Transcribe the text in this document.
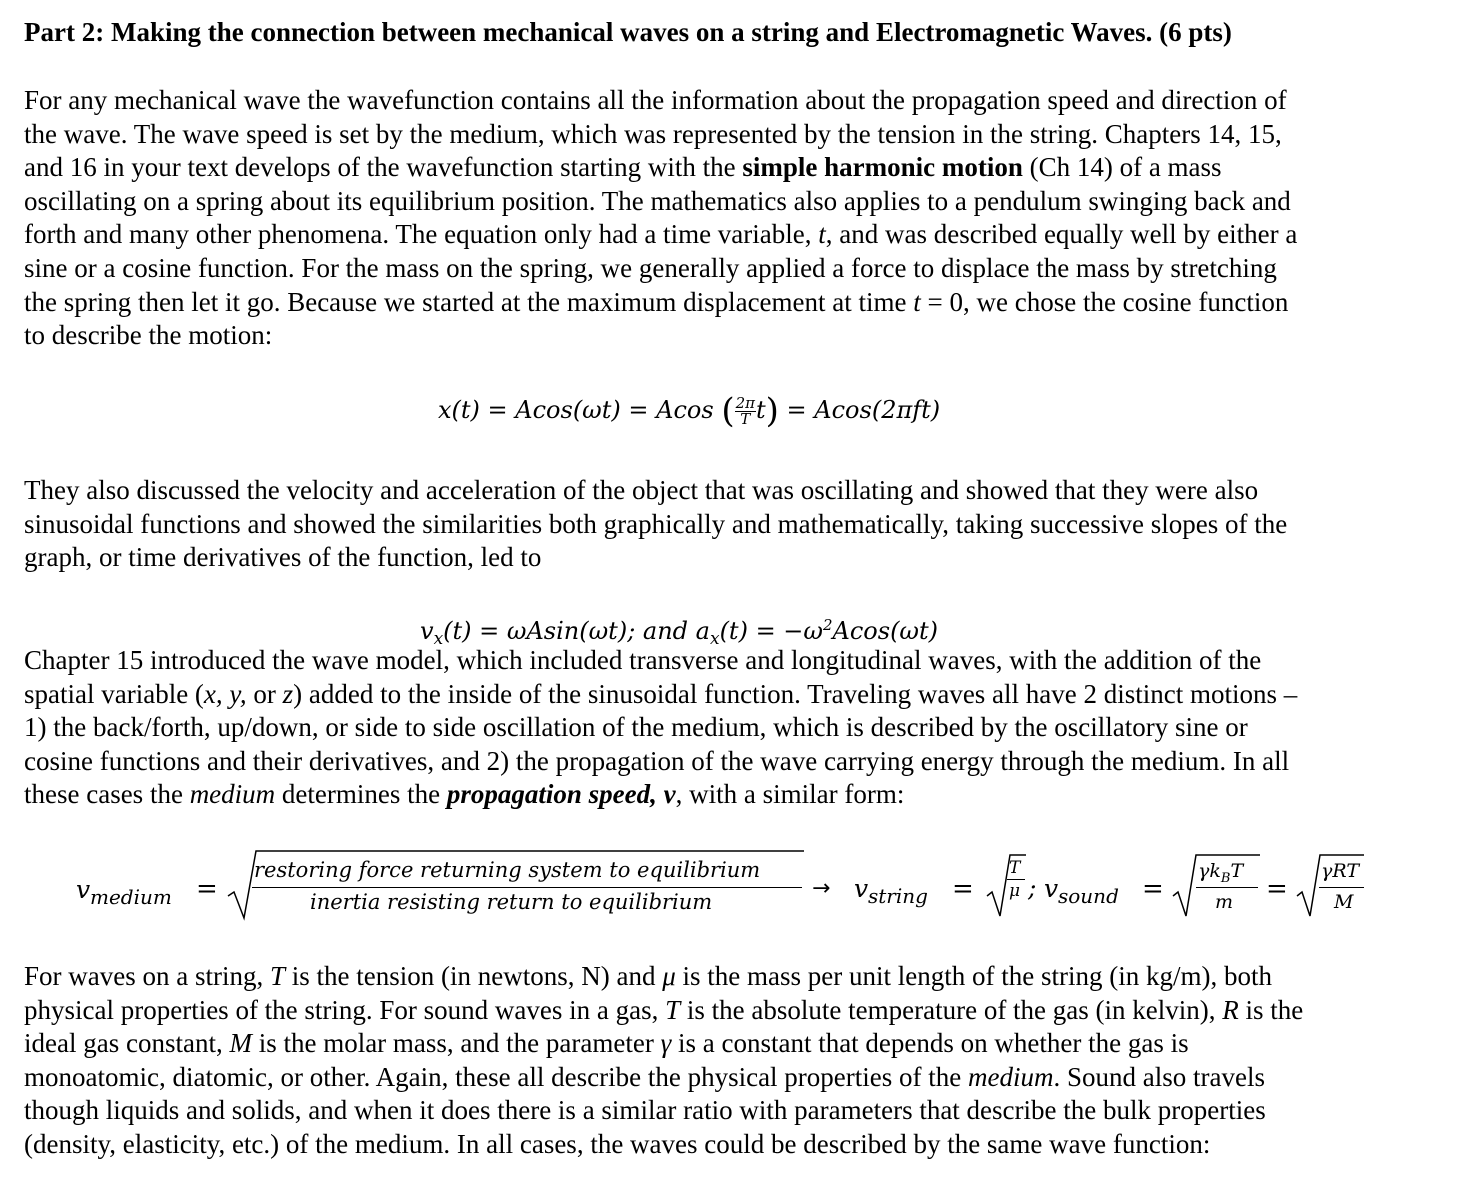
Part 2: Making the connection between mechanical waves on a string and Electromagnetic Waves. (6 pts)

For any mechanical wave the wavefunction contains all the information about the propagation speed and direction of
the wave. The wave speed is set by the medium, which was represented by the tension in the string. Chapters 14, 15,
and 16 in your text develops of the wavefunction starting with the simple harmonic motion (Ch 14) of a mass
oscillating on a spring about its equilibrium position. The mathematics also applies to a pendulum swinging back and
forth and many other phenomena. The equation only had a time variable, t, and was described equally well by either a
sine or a cosine function. For the mass on the spring, we generally applied a force to displace the mass by stretching
the spring then let it go. Because we started at the maximum displacement at time t = 0, we chose the cosine function
to describe the motion:

x(t) = Acos(ωt) = Acos ( $\frac{2\pi}{T} t) = Acos(2\pi ft)$

They also discussed the velocity and acceleration of the object that was oscillating and showed that they were also
sinusoidal functions and showed the similarities both graphically and mathematically, taking successive slopes of the
graph, or time derivatives of the function, led to

$v_x(t) = \omega Asin(\omega t)$; and $a_x(t) = -\omega^2Acos(\omega t)$

Chapter 15 introduced the wave model, which included transverse and longitudinal waves, with the addition of the
spatial variable (x, y, or z) added to the inside of the sinusoidal function. Traveling waves all have 2 distinct motions –
1) the back/forth, up/down, or side to side oscillation of the medium, which is described by the oscillatory sine or
cosine functions and their derivatives, and 2) the propagation of the wave carrying energy through the medium. In all
these cases the medium determines the propagation speed, v, with a similar form:

v medium =
restoring force returning system to equilibrium
inertia resisting return to equilibrium
→ v string =
T
μ ; v sound =
$\gamma k_BT$
m =
γRT
M

For waves on a string, T is the tension (in newtons, N) and μ is the mass per unit length of the string (in kg/m), both
physical properties of the string. For sound waves in a gas, T is the absolute temperature of the gas (in kelvin), R is the
ideal gas constant, M is the molar mass, and the parameter γ is a constant that depends on whether the gas is
monoatomic, diatomic, or other. Again, these all describe the physical properties of the medium. Sound also travels
though liquids and solids, and when it does there is a similar ratio with parameters that describe the bulk properties
(density, elasticity, etc.) of the medium. In all cases, the waves could be described by the same wave function:
